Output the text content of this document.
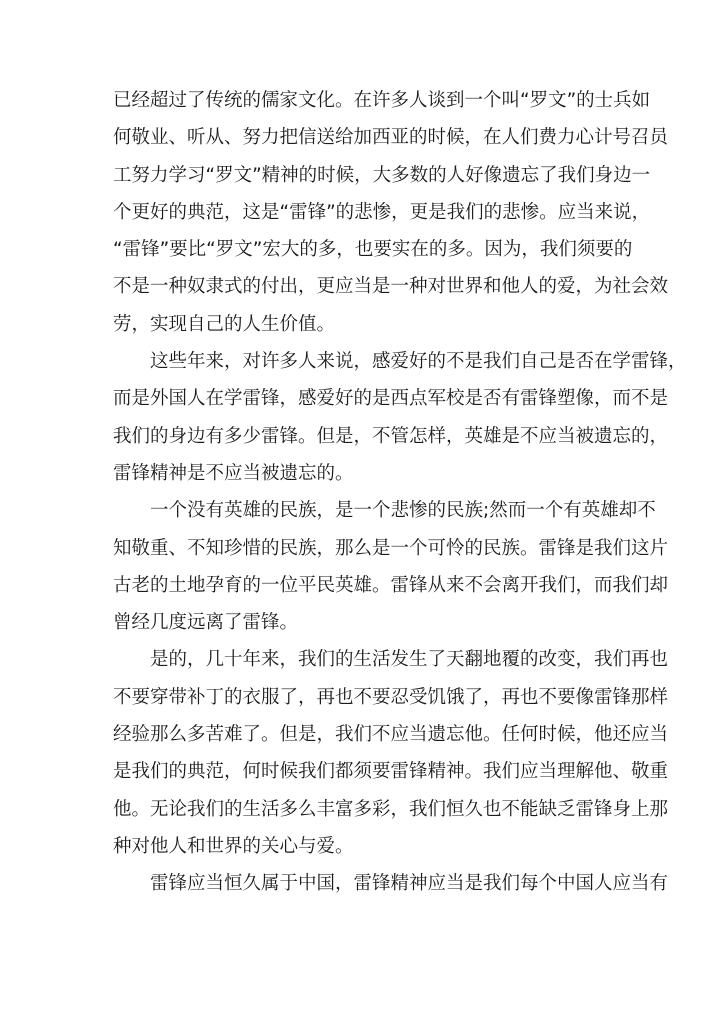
已经超过了传统的儒家文化。在许多人谈到一个叫“罗文”的士兵如
何敬业、听从、努力把信送给加西亚的时候，在人们费力心计号召员
工努力学习“罗文”精神的时候，大多数的人好像遗忘了我们身边一
个更好的典范，这是“雷锋”的悲惨，更是我们的悲惨。应当来说，
“雷锋”要比“罗文”宏大的多，也要实在的多。因为，我们须要的
不是一种奴隶式的付出，更应当是一种对世界和他人的爱，为社会效
劳，实现自己的人生价值。
这些年来，对许多人来说，感爱好的不是我们自己是否在学雷锋，
而是外国人在学雷锋，感爱好的是西点军校是否有雷锋塑像，而不是
我们的身边有多少雷锋。但是，不管怎样，英雄是不应当被遗忘的，
雷锋精神是不应当被遗忘的。
一个没有英雄的民族，是一个悲惨的民族;然而一个有英雄却不
知敬重、不知珍惜的民族，那么是一个可怜的民族。雷锋是我们这片
古老的土地孕育的一位平民英雄。雷锋从来不会离开我们，而我们却
曾经几度远离了雷锋。
是的，几十年来，我们的生活发生了天翻地覆的改变，我们再也
不要穿带补丁的衣服了，再也不要忍受饥饿了，再也不要像雷锋那样
经验那么多苦难了。但是，我们不应当遗忘他。任何时候，他还应当
是我们的典范，何时候我们都须要雷锋精神。我们应当理解他、敬重
他。无论我们的生活多么丰富多彩，我们恒久也不能缺乏雷锋身上那
种对他人和世界的关心与爱。
雷锋应当恒久属于中国，雷锋精神应当是我们每个中国人应当有
